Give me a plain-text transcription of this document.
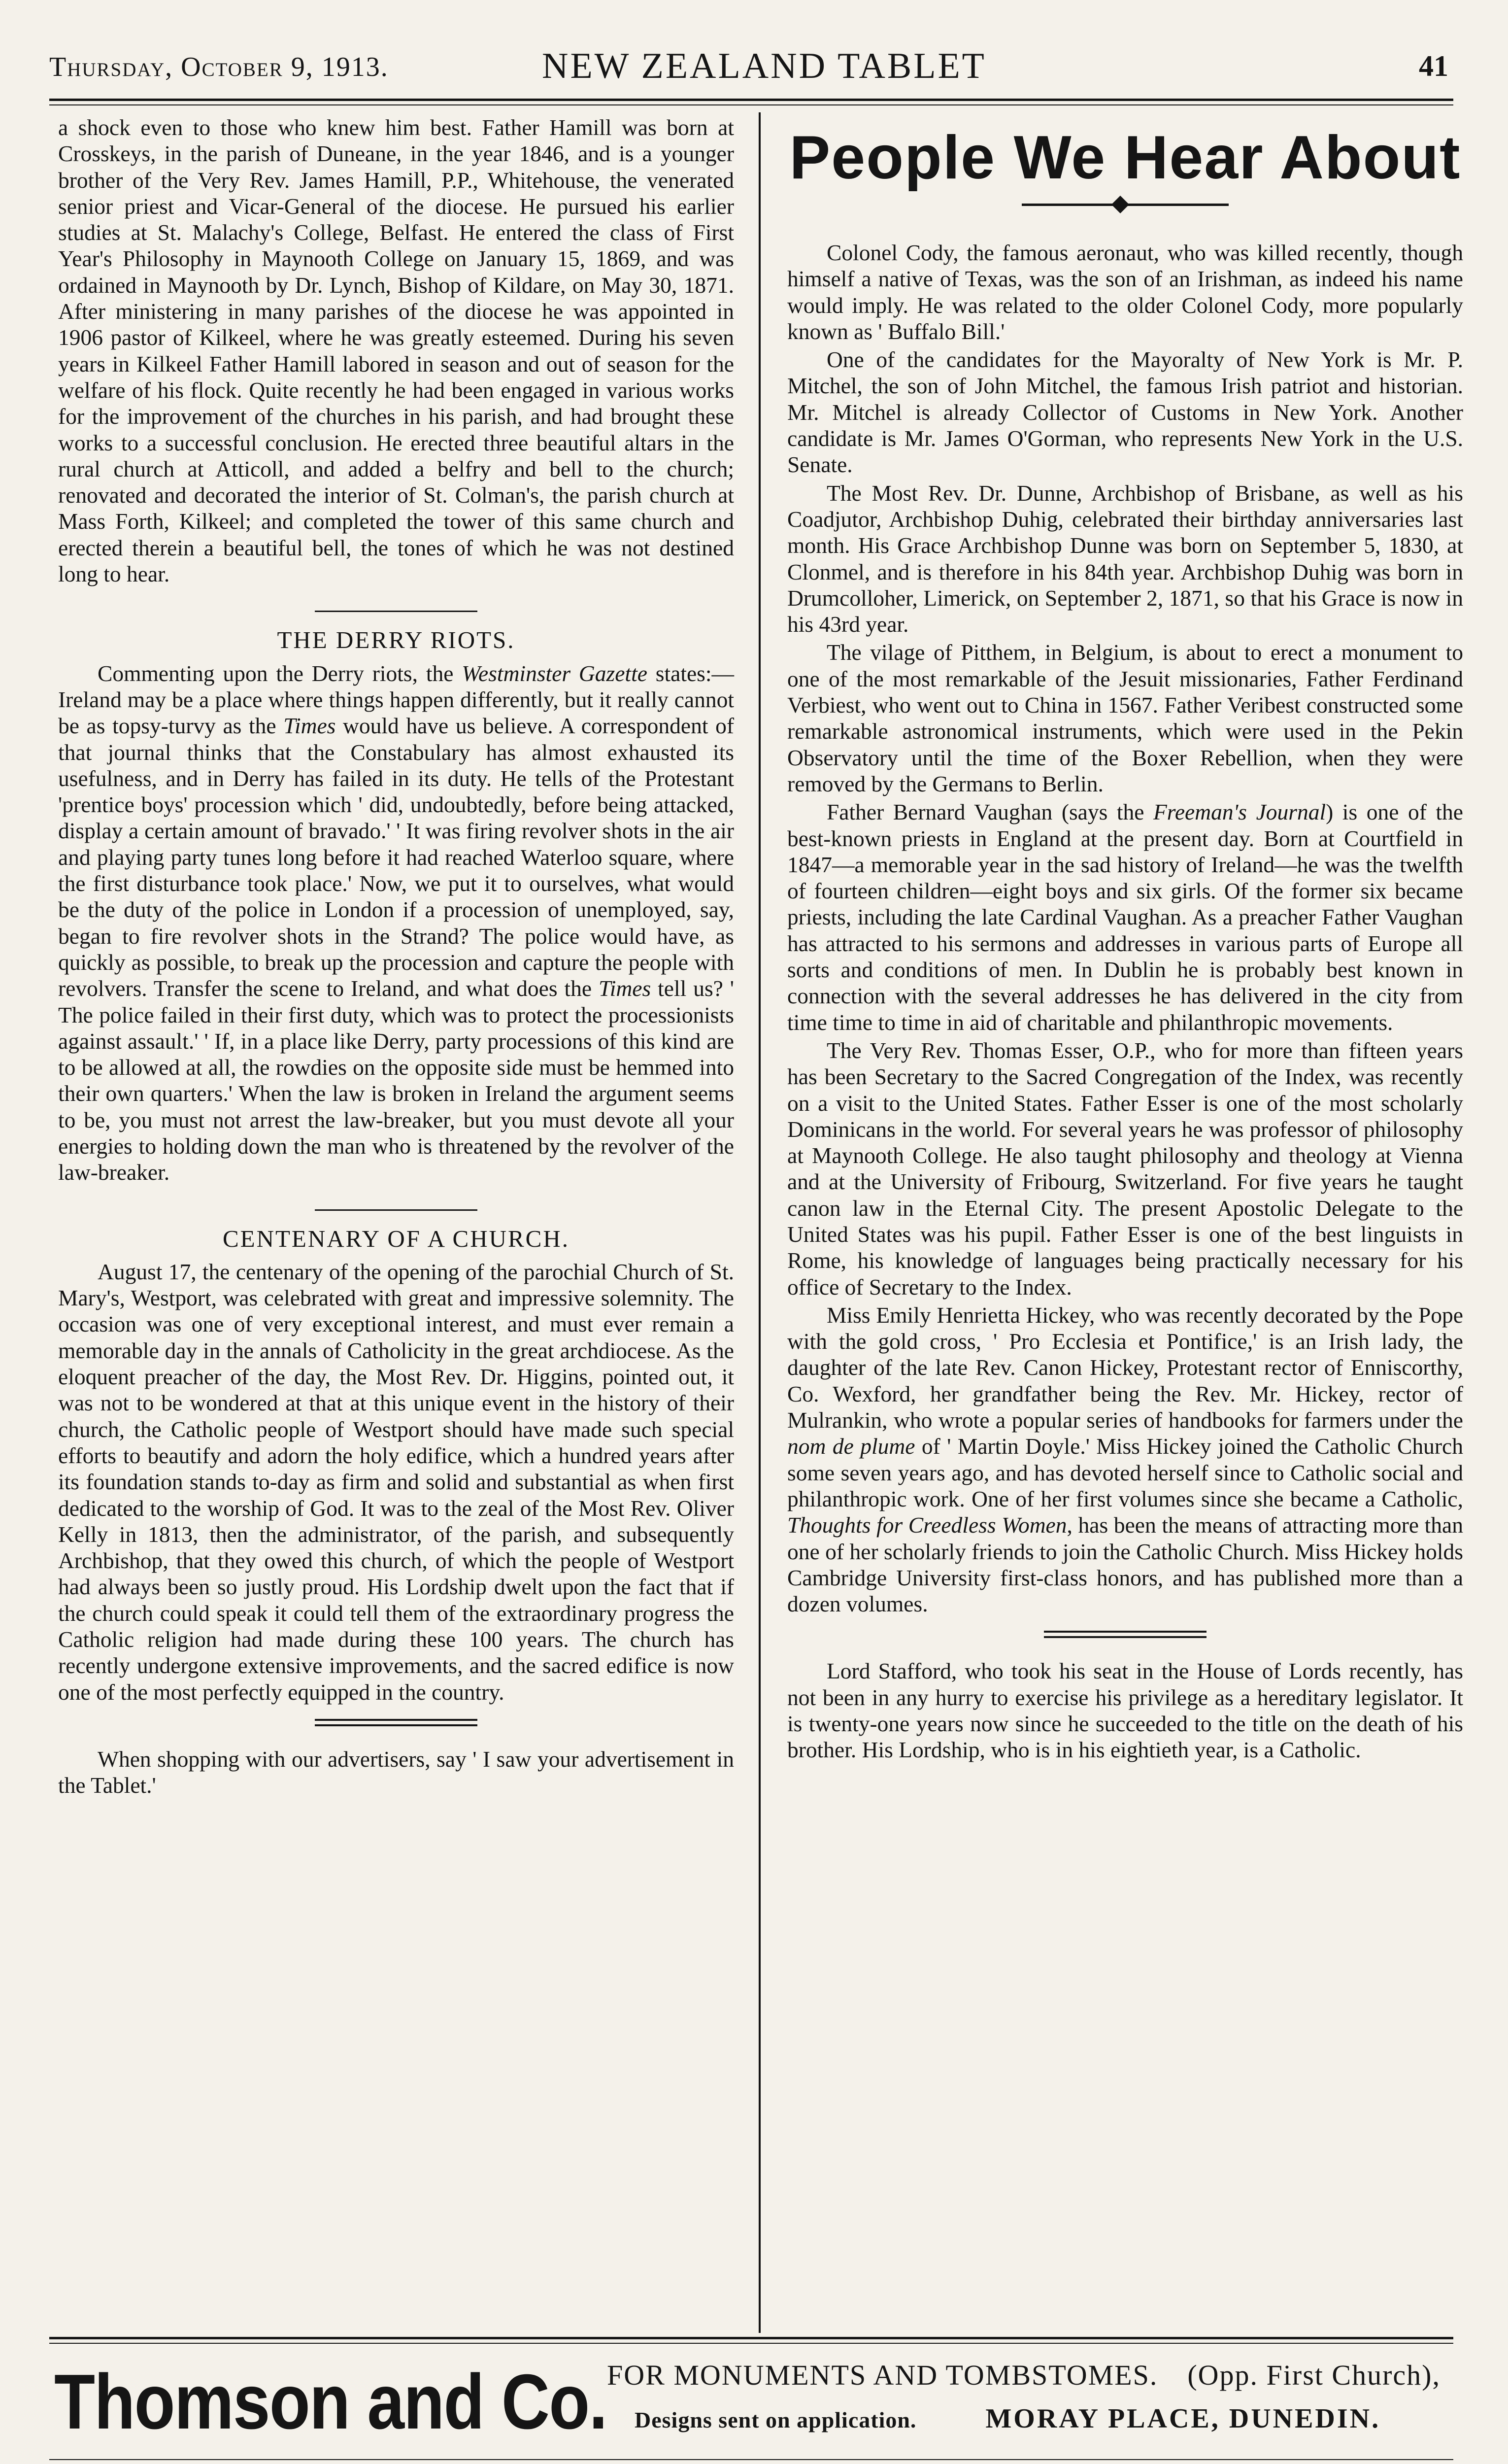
Thursday, October 9, 1913.	NEW ZEALAND TABLET	41

a shock even to those who knew him best. Father Hamill was born at Crosskeys, in the parish of Duneane, in the year 1846, and is a younger brother of the Very Rev. James Hamill, P.P., Whitehouse, the venerated senior priest and Vicar-General of the diocese. He pursued his earlier studies at St. Malachy's College, Belfast. He entered the class of First Year's Philosophy in Maynooth College on January 15, 1869, and was ordained in Maynooth by Dr. Lynch, Bishop of Kildare, on May 30, 1871. After ministering in many parishes of the diocese he was appointed in 1906 pastor of Kilkeel, where he was greatly esteemed. During his seven years in Kilkeel Father Hamill labored in season and out of season for the welfare of his flock. Quite recently he had been engaged in various works for the improvement of the churches in his parish, and had brought these works to a successful conclusion. He erected three beautiful altars in the rural church at Atticoll, and added a belfry and bell to the church; renovated and decorated the interior of St. Colman's, the parish church at Mass Forth, Kilkeel; and completed the tower of this same church and erected therein a beautiful bell, the tones of which he was not destined long to hear.

THE DERRY RIOTS.

Commenting upon the Derry riots, the Westminster Gazette states:—Ireland may be a place where things happen differently, but it really cannot be as topsy-turvy as the Times would have us believe. A correspondent of that journal thinks that the Constabulary has almost exhausted its usefulness, and in Derry has failed in its duty. He tells of the Protestant 'prentice boys' procession which ' did, undoubtedly, before being attacked, display a certain amount of bravado.' ' It was firing revolver shots in the air and playing party tunes long before it had reached Waterloo square, where the first disturbance took place.' Now, we put it to ourselves, what would be the duty of the police in London if a procession of unemployed, say, began to fire revolver shots in the Strand? The police would have, as quickly as possible, to break up the procession and capture the people with revolvers. Transfer the scene to Ireland, and what does the Times tell us? ' The police failed in their first duty, which was to protect the processionists against assault.' ' If, in a place like Derry, party processions of this kind are to be allowed at all, the rowdies on the opposite side must be hemmed into their own quarters.' When the law is broken in Ireland the argument seems to be, you must not arrest the law-breaker, but you must devote all your energies to holding down the man who is threatened by the revolver of the law-breaker.

CENTENARY OF A CHURCH.

August 17, the centenary of the opening of the parochial Church of St. Mary's, Westport, was celebrated with great and impressive solemnity. The occasion was one of very exceptional interest, and must ever remain a memorable day in the annals of Catholicity in the great archdiocese. As the eloquent preacher of the day, the Most Rev. Dr. Higgins, pointed out, it was not to be wondered at that at this unique event in the history of their church, the Catholic people of Westport should have made such special efforts to beautify and adorn the holy edifice, which a hundred years after its foundation stands to-day as firm and solid and substantial as when first dedicated to the worship of God. It was to the zeal of the Most Rev. Oliver Kelly in 1813, then the administrator, of the parish, and subsequently Archbishop, that they owed this church, of which the people of Westport had always been so justly proud. His Lordship dwelt upon the fact that if the church could speak it could tell them of the extraordinary progress the Catholic religion had made during these 100 years. The church has recently undergone extensive improvements, and the sacred edifice is now one of the most perfectly equipped in the country.

When shopping with our advertisers, say ' I saw your advertisement in the Tablet.'

People We Hear About

Colonel Cody, the famous aeronaut, who was killed recently, though himself a native of Texas, was the son of an Irishman, as indeed his name would imply. He was related to the older Colonel Cody, more popularly known as ' Buffalo Bill.'

One of the candidates for the Mayoralty of New York is Mr. P. Mitchel, the son of John Mitchel, the famous Irish patriot and historian. Mr. Mitchel is already Collector of Customs in New York. Another candidate is Mr. James O'Gorman, who represents New York in the U.S. Senate.

The Most Rev. Dr. Dunne, Archbishop of Brisbane, as well as his Coadjutor, Archbishop Duhig, celebrated their birthday anniversaries last month. His Grace Archbishop Dunne was born on September 5, 1830, at Clonmel, and is therefore in his 84th year. Archbishop Duhig was born in Drumcolloher, Limerick, on September 2, 1871, so that his Grace is now in his 43rd year.

The vilage of Pitthem, in Belgium, is about to erect a monument to one of the most remarkable of the Jesuit missionaries, Father Ferdinand Verbiest, who went out to China in 1567. Father Veribest constructed some remarkable astronomical instruments, which were used in the Pekin Observatory until the time of the Boxer Rebellion, when they were removed by the Germans to Berlin.

Father Bernard Vaughan (says the Freeman's Journal) is one of the best-known priests in England at the present day. Born at Courtfield in 1847—a memorable year in the sad history of Ireland—he was the twelfth of fourteen children—eight boys and six girls. Of the former six became priests, including the late Cardinal Vaughan. As a preacher Father Vaughan has attracted to his sermons and addresses in various parts of Europe all sorts and conditions of men. In Dublin he is probably best known in connection with the several addresses he has delivered in the city from time time to time in aid of charitable and philanthropic movements.

The Very Rev. Thomas Esser, O.P., who for more than fifteen years has been Secretary to the Sacred Congregation of the Index, was recently on a visit to the United States. Father Esser is one of the most scholarly Dominicans in the world. For several years he was professor of philosophy at Maynooth College. He also taught philosophy and theology at Vienna and at the University of Fribourg, Switzerland. For five years he taught canon law in the Eternal City. The present Apostolic Delegate to the United States was his pupil. Father Esser is one of the best linguists in Rome, his knowledge of languages being practically necessary for his office of Secretary to the Index.

Miss Emily Henrietta Hickey, who was recently decorated by the Pope with the gold cross, ' Pro Ecclesia et Pontifice,' is an Irish lady, the daughter of the late Rev. Canon Hickey, Protestant rector of Enniscorthy, Co. Wexford, her grandfather being the Rev. Mr. Hickey, rector of Mulrankin, who wrote a popular series of handbooks for farmers under the nom de plume of ' Martin Doyle.' Miss Hickey joined the Catholic Church some seven years ago, and has devoted herself since to Catholic social and philanthropic work. One of her first volumes since she became a Catholic, Thoughts for Creedless Women, has been the means of attracting more than one of her scholarly friends to join the Catholic Church. Miss Hickey holds Cambridge University first-class honors, and has published more than a dozen volumes.

Lord Stafford, who took his seat in the House of Lords recently, has not been in any hurry to exercise his privilege as a hereditary legislator. It is twenty-one years now since he succeeded to the title on the death of his brother. His Lordship, who is in his eightieth year, is a Catholic.

Thomson and Co. FOR MONUMENTS AND TOMBSTOMES. (Opp. First Church),
Designs sent on application.	MORAY PLACE, DUNEDIN.
